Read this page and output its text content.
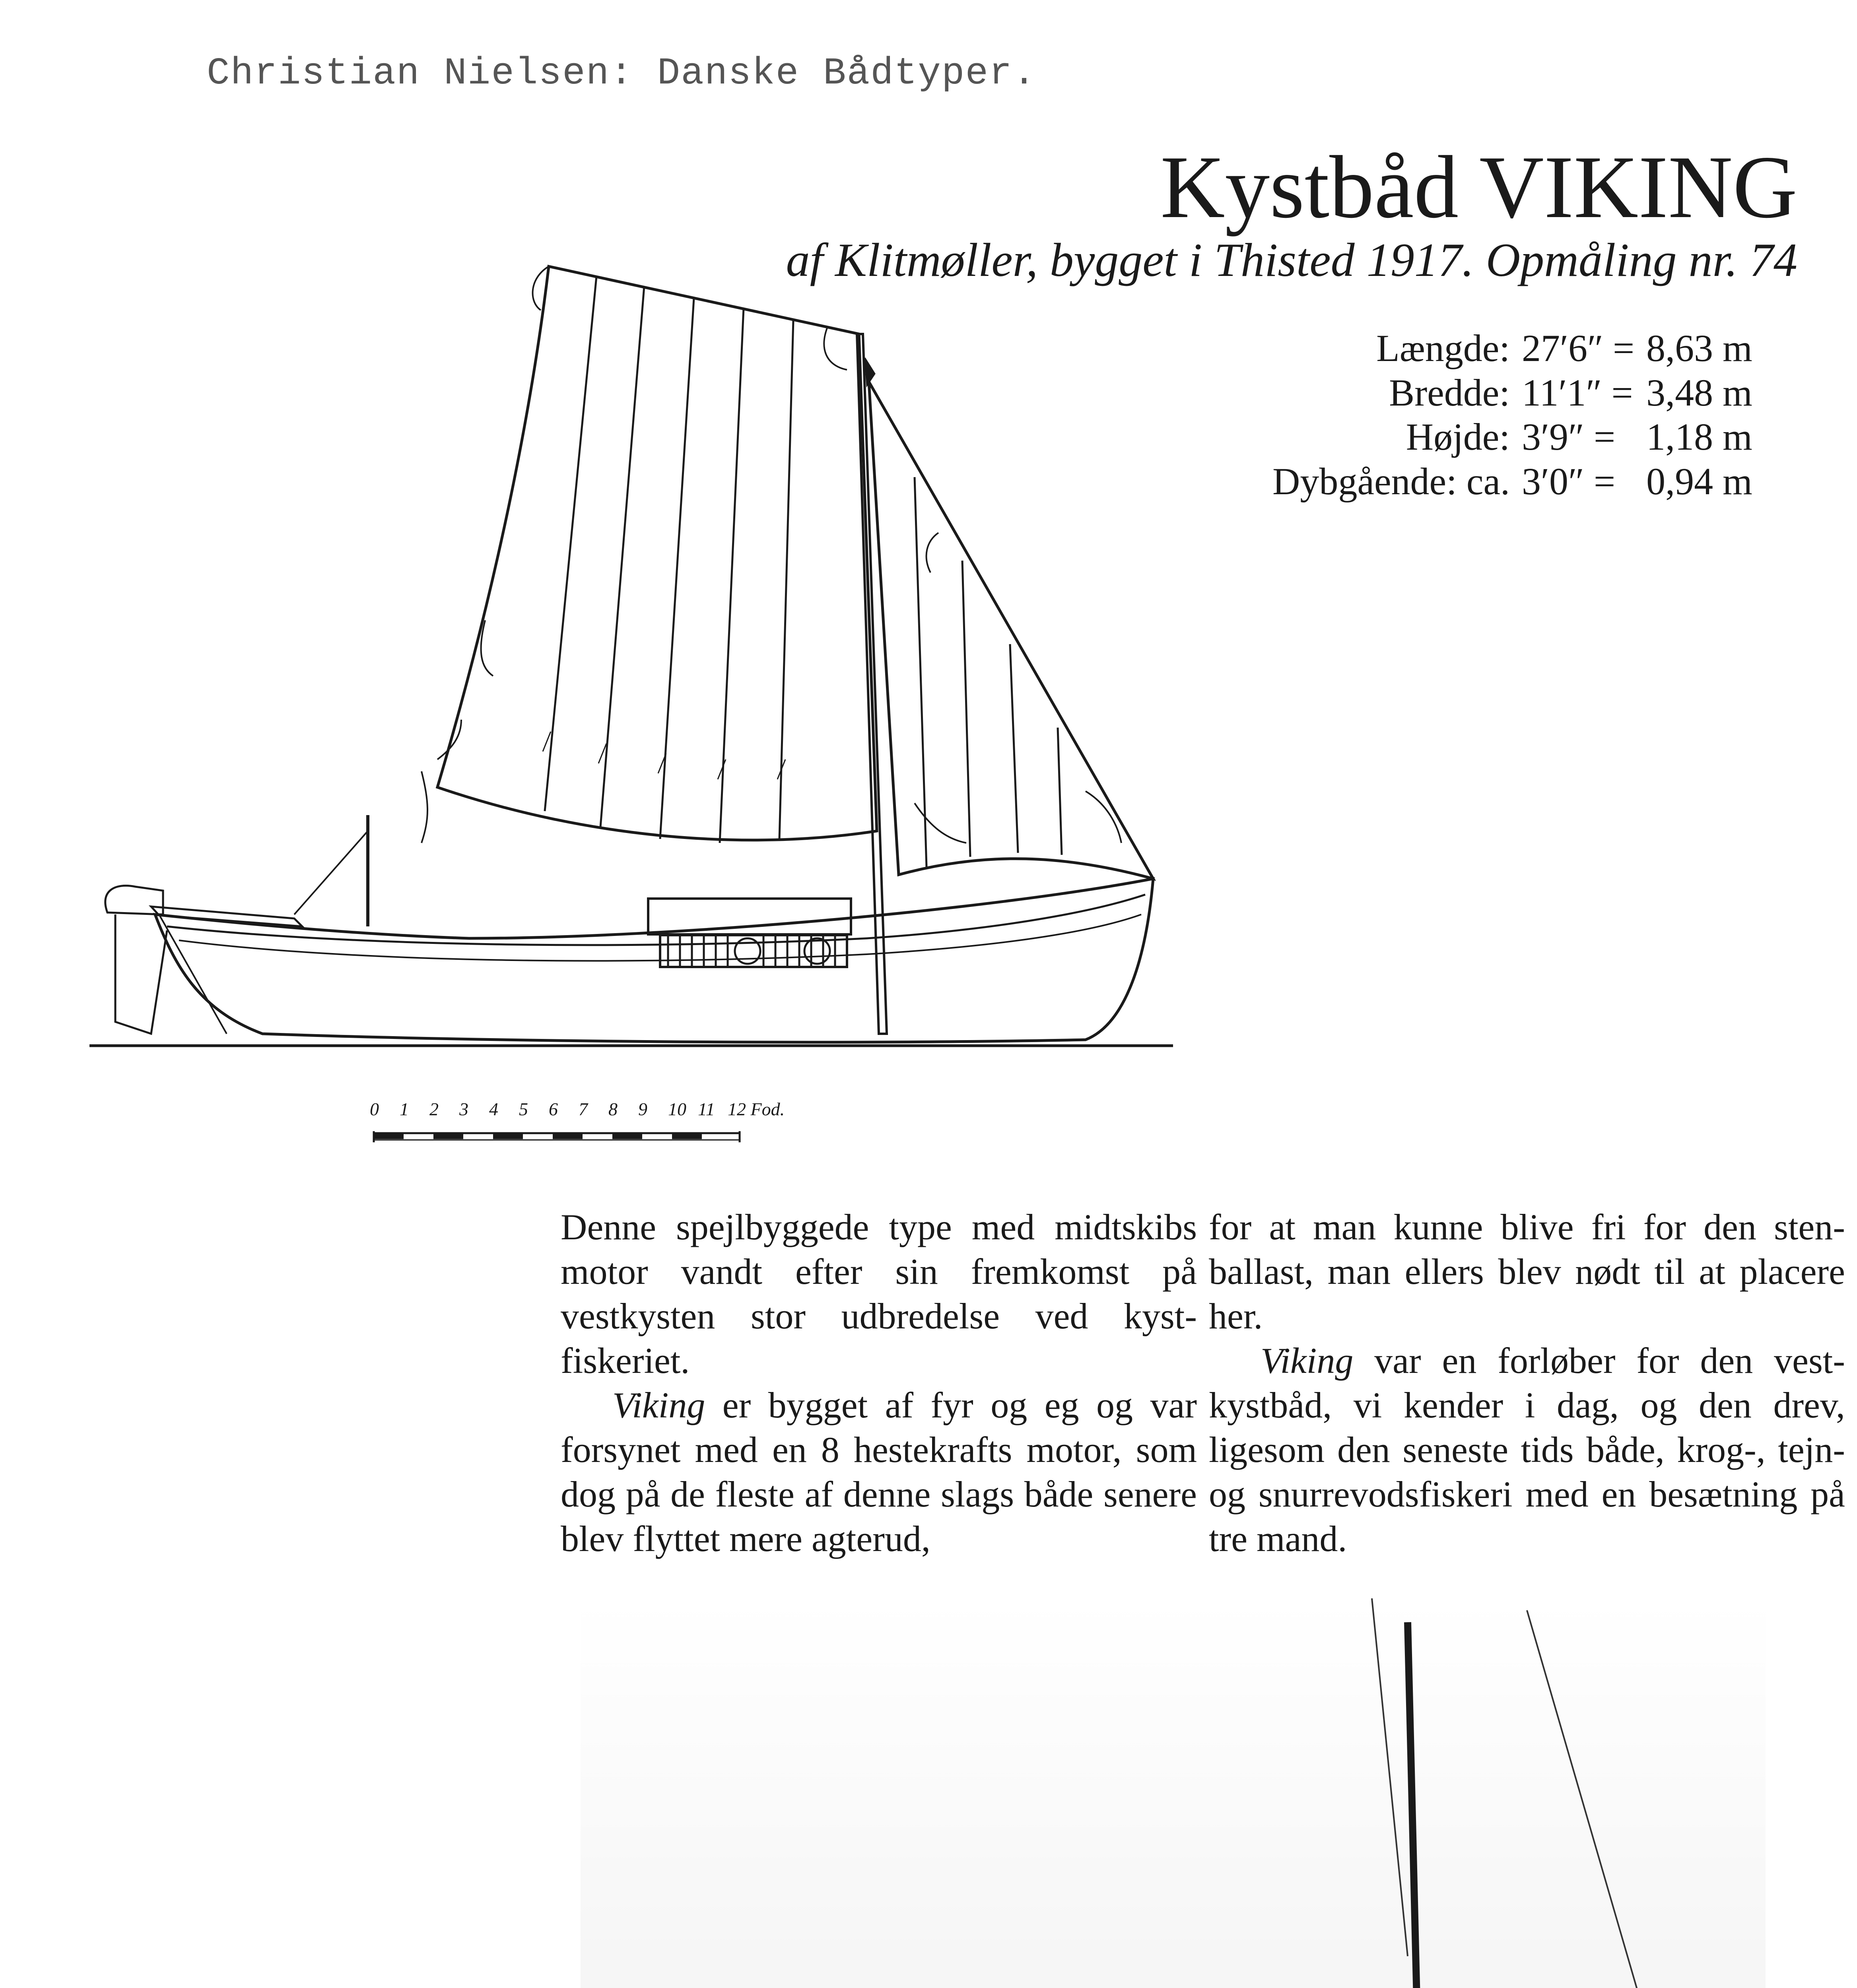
Christian Nielsen: Danske Bådtyper.
Kystbåd VIKING
af Klitmøller, bygget i Thisted 1917. Opmåling nr. 74
Længde:	27′6″ =	8,63 m
Bredde:	11′1″ =	3,48 m
Højde:	3′9″ =	1,18 m
Dybgående: ca.	3′0″ =	0,94 m
0 1 2 3 4 5 6 7 8 9 10 11 12 Fod.

Denne spejlbyggede type med midtskibs motor vandt efter sin fremkomst på vestkysten stor udbredelse ved kystfiskeriet.

Viking er bygget af fyr og eg og var forsynet med en 8 hestekrafts motor, som dog på de fleste af denne slags både senere blev flyttet mere agterud,

for at man kunne blive fri for den stenballast, man ellers blev nødt til at placere her.

Viking var en forløber for den vestkystbåd, vi kender i dag, og den drev, ligesom den seneste tids både, krog-, tejn- og snurrevodsfiskeri med en besætning på tre mand.
